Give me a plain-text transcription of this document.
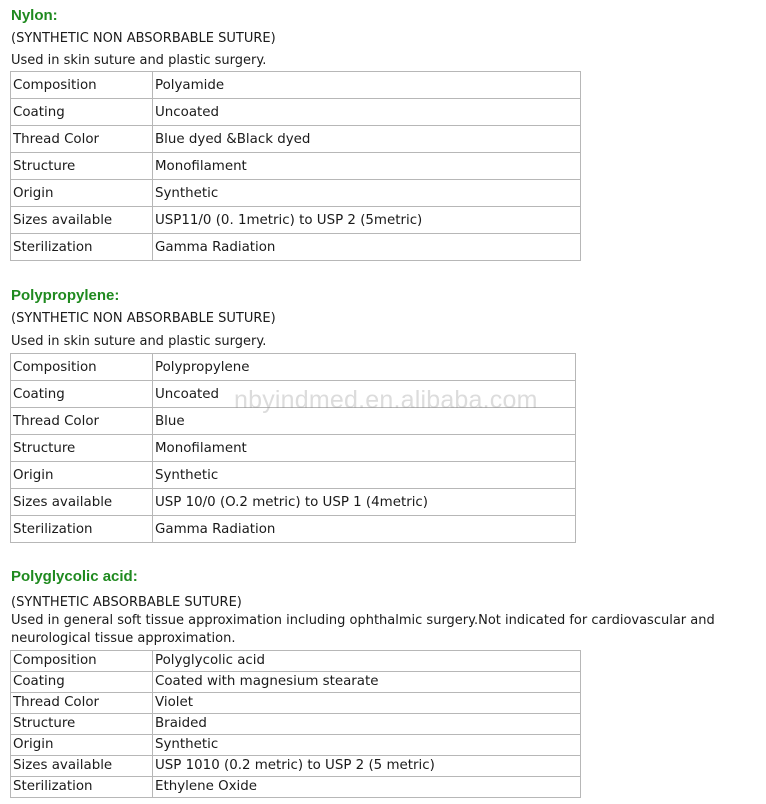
Nylon:
(SYNTHETIC NON ABSORBABLE SUTURE)
Used in skin suture and plastic surgery.
Composition	Polyamide
Coating	Uncoated
Thread Color	Blue dyed &Black dyed
Structure	Monofilament
Origin	Synthetic
Sizes available	USP11/0 (0. 1metric) to USP 2 (5metric)
Sterilization	Gamma Radiation
Polypropylene:
(SYNTHETIC NON ABSORBABLE SUTURE)
Used in skin suture and plastic surgery.
Composition	Polypropylene
Coating	Uncoated
Thread Color	Blue
Structure	Monofilament
Origin	Synthetic
Sizes available	USP 10/0 (O.2 metric) to USP 1 (4metric)
Sterilization	Gamma Radiation
Polyglycolic acid:
(SYNTHETIC ABSORBABLE SUTURE)
Used in general soft tissue approximation including ophthalmic surgery.Not indicated for cardiovascular and neurological tissue approximation.
Composition	Polyglycolic acid
Coating	Coated with magnesium stearate
Thread Color	Violet
Structure	Braided
Origin	Synthetic
Sizes available	USP 1010 (0.2 metric) to USP 2 (5 metric)
Sterilization	Ethylene Oxide
nbyindmed.en.alibaba.com
